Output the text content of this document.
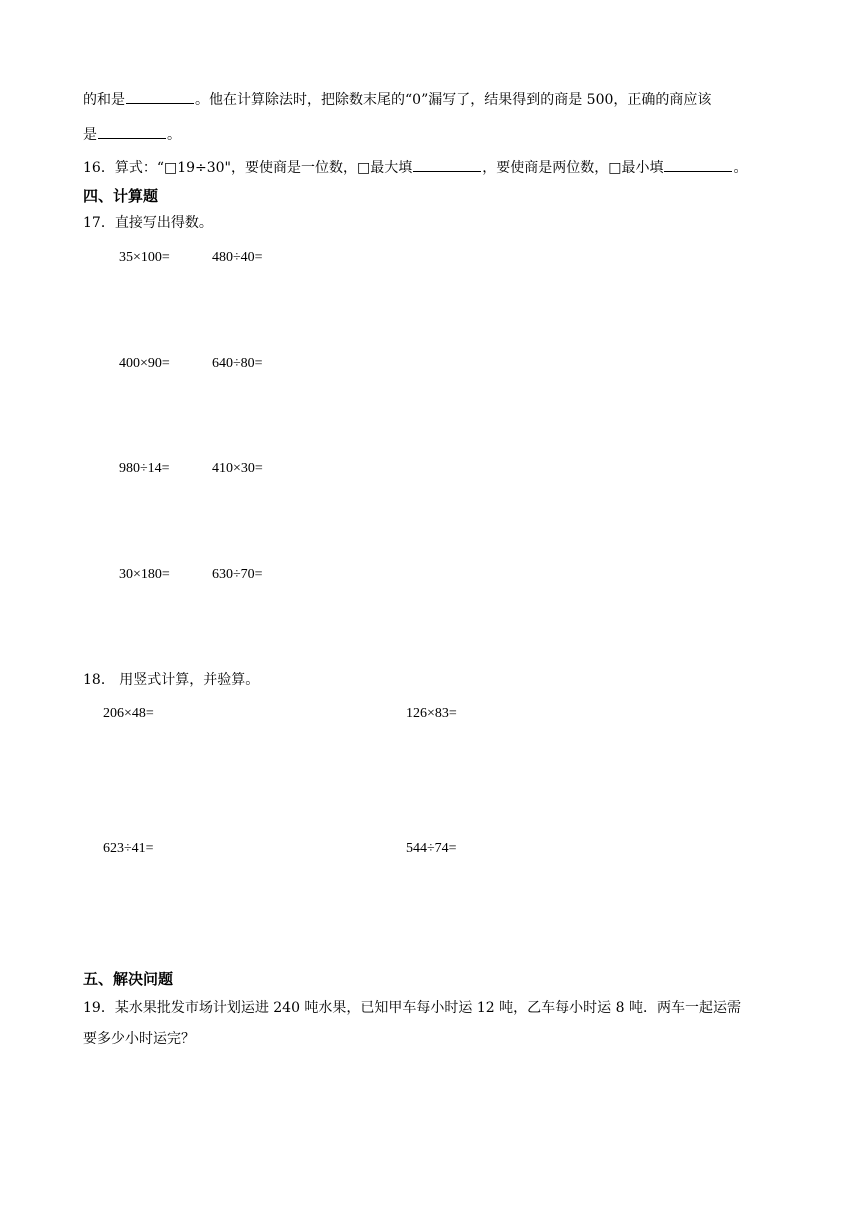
的和是	。他在计算除法时，把除数末尾的“0”漏写了，结果得到的商是 500，正确的商应该
是	。
16．算式：“□19÷30"，要使商是一位数，□最大填	，要使商是两位数，□最小填	。
四、计算题
17．直接写出得数。
35×100=	480÷40=
400×90=	640÷80=
980÷14=	410×30=
30×180=	630÷70=
18． 用竖式计算，并验算。
206×48=	126×83=
623÷41=	544÷74=
五、解决问题
19．某水果批发市场计划运进 240 吨水果，已知甲车每小时运 12 吨，乙车每小时运 8 吨．两车一起运需
要多少小时运完？
